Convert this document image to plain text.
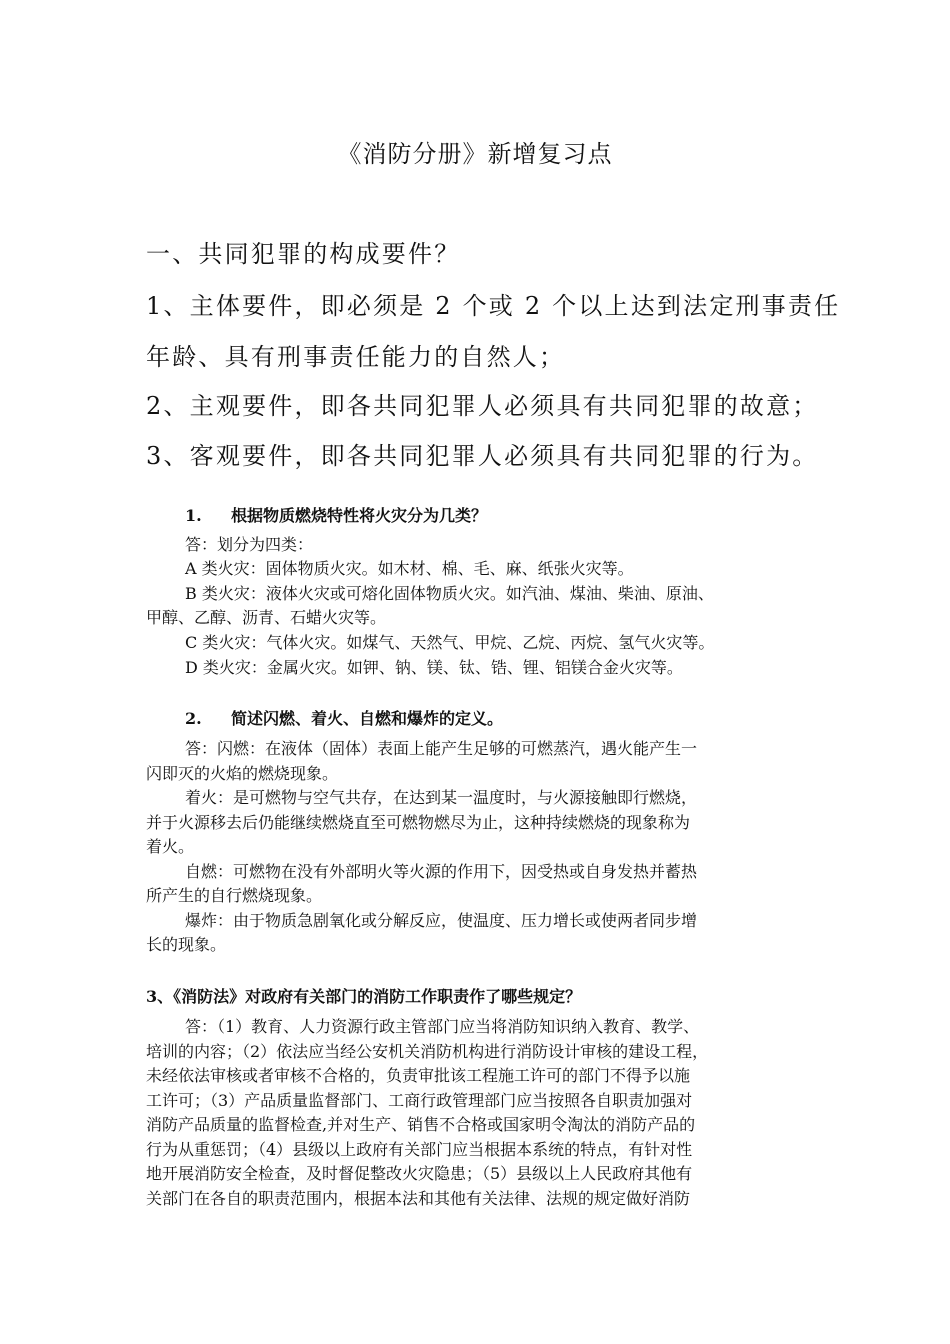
《消防分册》新增复习点
一、共同犯罪的构成要件？
1、主体要件，即必须是 2 个或 2 个以上达到法定刑事责任
年龄、具有刑事责任能力的自然人；
2、主观要件，即各共同犯罪人必须具有共同犯罪的故意；
3、客观要件，即各共同犯罪人必须具有共同犯罪的行为。
1. 根据物质燃烧特性将火灾分为几类？
答：划分为四类：
A 类火灾：固体物质火灾。如木材、棉、毛、麻、纸张火灾等。
B 类火灾：液体火灾或可熔化固体物质火灾。如汽油、煤油、柴油、原油、
甲醇、乙醇、沥青、石蜡火灾等。
C 类火灾：气体火灾。如煤气、天然气、甲烷、乙烷、丙烷、氢气火灾等。
D 类火灾：金属火灾。如钾、钠、镁、钛、锆、锂、铝镁合金火灾等。
2. 简述闪燃、着火、自燃和爆炸的定义。
答：闪燃：在液体（固体）表面上能产生足够的可燃蒸汽，遇火能产生一
闪即灭的火焰的燃烧现象。
着火：是可燃物与空气共存，在达到某一温度时，与火源接触即行燃烧，
并于火源移去后仍能继续燃烧直至可燃物燃尽为止，这种持续燃烧的现象称为
着火。
自燃：可燃物在没有外部明火等火源的作用下，因受热或自身发热并蓄热
所产生的自行燃烧现象。
爆炸：由于物质急剧氧化或分解反应，使温度、压力增长或使两者同步增
长的现象。
3、《消防法》对政府有关部门的消防工作职责作了哪些规定？
答：（1）教育、人力资源行政主管部门应当将消防知识纳入教育、教学、
培训的内容；（2）依法应当经公安机关消防机构进行消防设计审核的建设工程，
未经依法审核或者审核不合格的，负责审批该工程施工许可的部门不得予以施
工许可；（3）产品质量监督部门、工商行政管理部门应当按照各自职责加强对
消防产品质量的监督检查,并对生产、销售不合格或国家明令淘汰的消防产品的
行为从重惩罚；（4）县级以上政府有关部门应当根据本系统的特点，有针对性
地开展消防安全检查，及时督促整改火灾隐患；（5）县级以上人民政府其他有
关部门在各自的职责范围内，根据本法和其他有关法律、法规的规定做好消防
